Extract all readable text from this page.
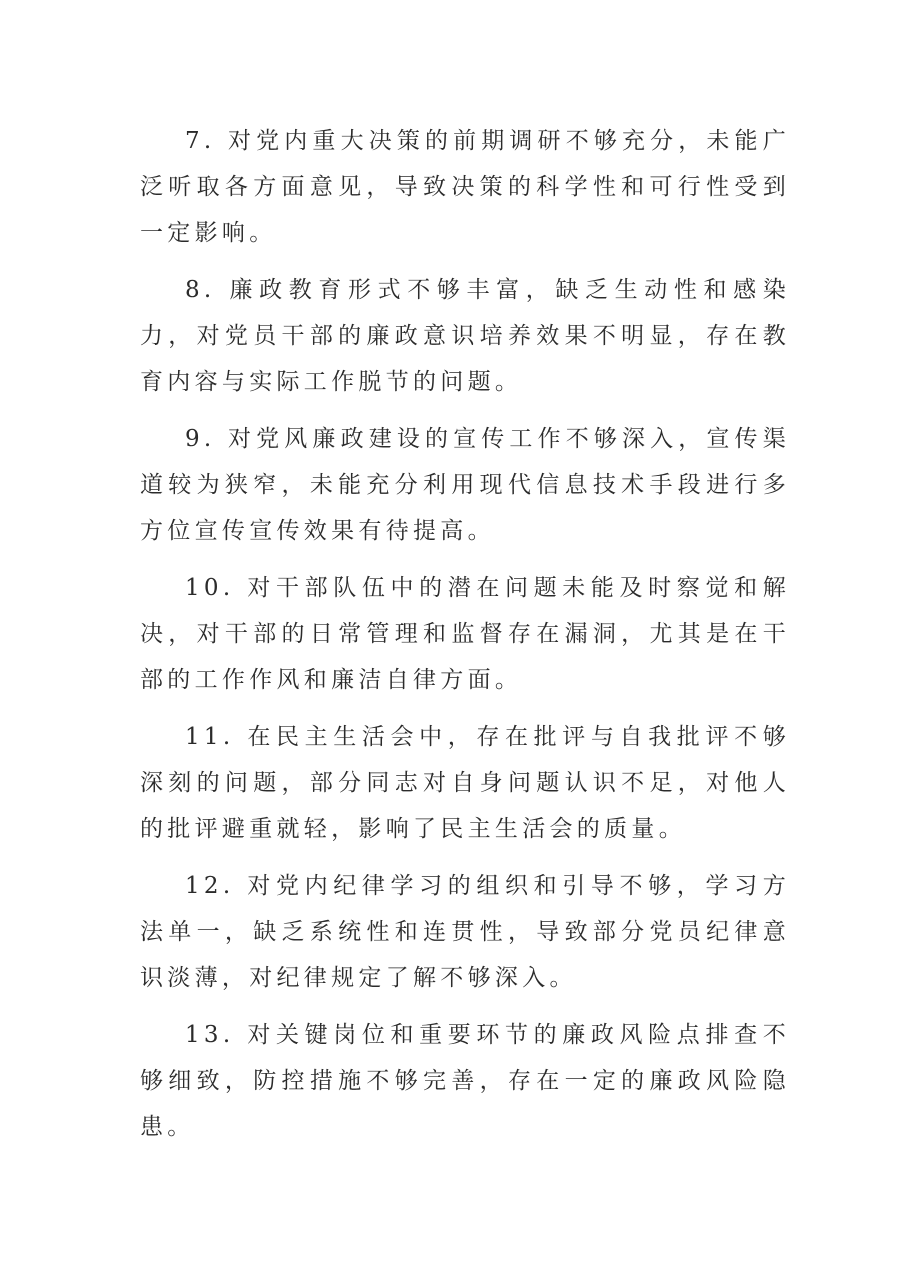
7. 对党内重大决策的前期调研不够充分，未能广泛听取各方面意见，导致决策的科学性和可行性受到一定影响。

8. 廉政教育形式不够丰富，缺乏生动性和感染力，对党员干部的廉政意识培养效果不明显，存在教育内容与实际工作脱节的问题。

9. 对党风廉政建设的宣传工作不够深入，宣传渠道较为狭窄，未能充分利用现代信息技术手段进行多方位宣传宣传效果有待提高。

10. 对干部队伍中的潜在问题未能及时察觉和解决，对干部的日常管理和监督存在漏洞，尤其是在干部的工作作风和廉洁自律方面。

11. 在民主生活会中，存在批评与自我批评不够深刻的问题，部分同志对自身问题认识不足，对他人的批评避重就轻，影响了民主生活会的质量。

12. 对党内纪律学习的组织和引导不够，学习方法单一，缺乏系统性和连贯性，导致部分党员纪律意识淡薄，对纪律规定了解不够深入。

13. 对关键岗位和重要环节的廉政风险点排查不够细致，防控措施不够完善，存在一定的廉政风险隐患。
